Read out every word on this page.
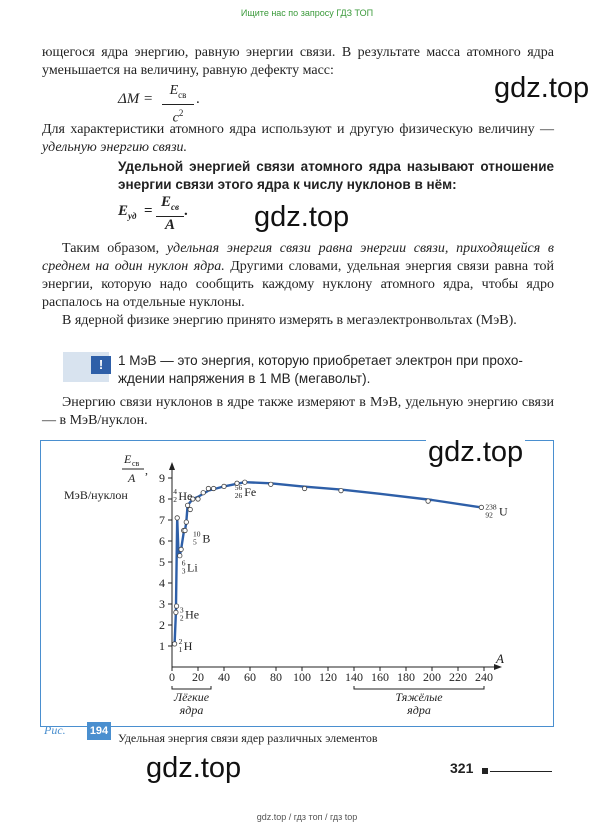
Ищите нас по запросу ГДЗ ТОП
ющегося ядра энергию, равную энергии связи. В результате масса атомного ядра уменьшается на величину, равную дефекту масс:
ΔM =
$E_{св}$
$c^2$
.	gdz.top
Для характеристики атомного ядра используют и другую физическую величину — удельную энергию связи.
Удельной энергией связи атомного ядра называют отношение энергии связи этого ядра к числу нуклонов в нём:
$E_{уд}$ =
$E_{св}$
A
. gdz.top
Таким образом, удельная энергия связи равна энергии связи, приходящейся в среднем на один нуклон ядра. Другими словами, удельная энергия связи равна той энергии, которую надо сообщить каждому нуклону атомного ядра, чтобы ядро распалось на отдельные нуклоны.
В ядерной физике энергию принято измерять в мегаэлектронвольтах (МэВ).
!	1 МэВ — это энергия, которую приобретает электрон при прохо-
ждении напряжения в 1 МВ (мегавольт).
Энергию связи нуклонов в ядре также измеряют в МэВ, удельную энергию связи — в МэВ/нуклон.
0 20 40 60 80 100 120 140 160 180 200 220 240
1
2
3
4
5
6
7
8
9
A
E св
A
,
МэВ/нуклон
2
1 H
3
2 He
6
3 Li
10
5 B
4
2 He
56
26 Fe
238
92 U
Лёгкие
ядра
Тяжёлые
ядра
gdz.top
Рис. 194 Удельная энергия связи ядер различных элементов
gdz.top	321
gdz.top / гдз топ / гдз top
